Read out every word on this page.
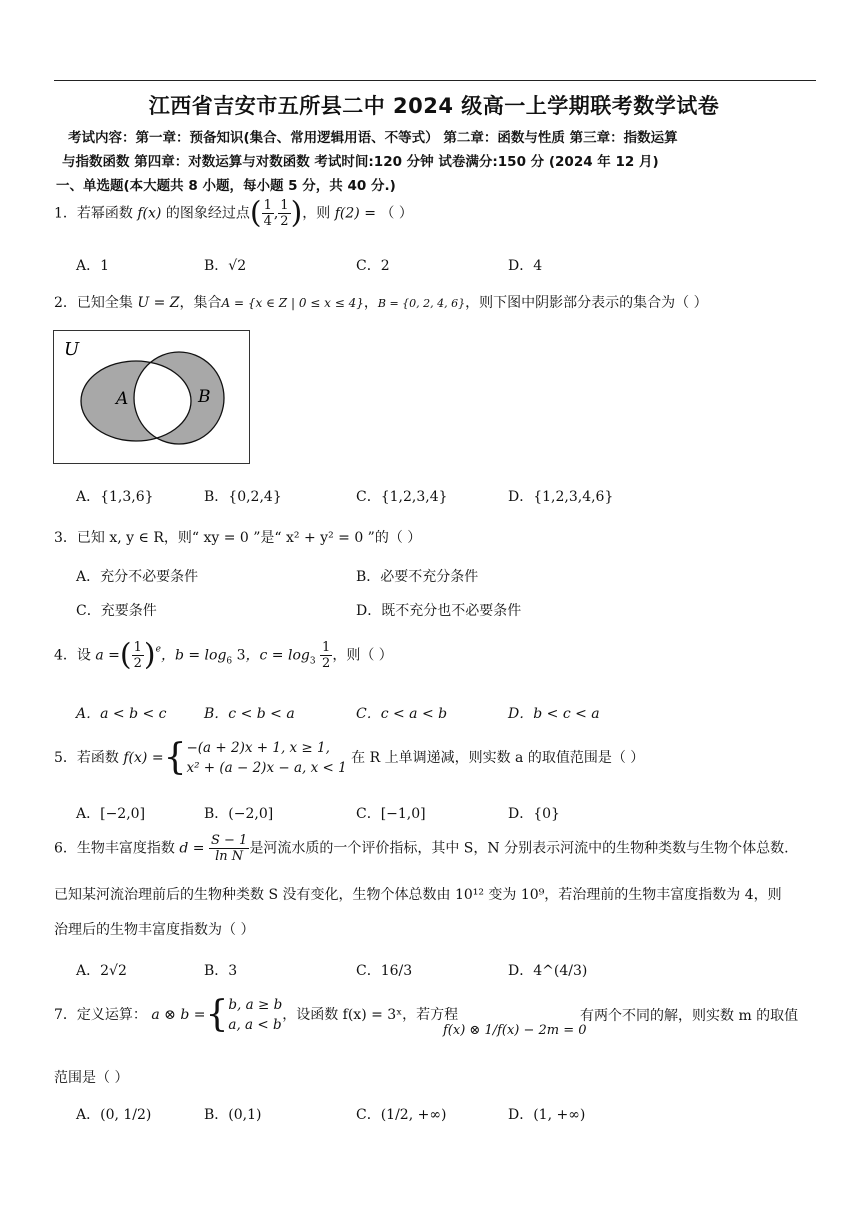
江西省吉安市五所县二中 2024 级高一上学期联考数学试卷
考试内容：第一章：预备知识(集合、常用逻辑用语、不等式） 第二章：函数与性质 第三章：指数运算
与指数函数 第四章：对数运算与对数函数 考试时间:120 分钟 试卷满分:150 分 (2024 年 12 月)
一、单选题(本大题共 8 小题，每小题 5 分，共 40 分.)
1．若幂函数 f(x) 的图象经过点( $\frac{1}{4}$ , $\frac{1}{2}$ )，则 f(2) = （ ）
A．1	B．√2	C．2	D．4
2．已知全集 U = Z，集合A = {x ∈ Z | 0 ≤ x ≤ 4}，B = {0, 2, 4, 6}，则下图中阴影部分表示的集合为（ ）
U
A	B
A．{1,3,6}	B．{0,2,4}	C．{1,2,3,4}	D．{1,2,3,4,6}
3．已知 x, y ∈ R，则“ xy = 0 ”是“ x² + y² = 0 ”的（ ）
A．充分不必要条件	B．必要不充分条件
C．充要条件	D．既不充分也不必要条件
4．设 a =( $\frac{1}{2} )^e$，$b = \log_6 3$，$c = \log_3 \frac{1}{2}$ ，则（ ）
A．a < b < c	B．c < b < a	C．c < a < b	D．b < c < a
5．若函数 f(x) ={ −(a + 2)x + 1, x ≥ 1,
x² + (a − 2)x − a, x < 1
在 R 上单调递减，则实数 a 的取值范围是（ ）
A．[−2,0]	B．(−2,0]	C．[−1,0]	D．{0}
6．生物丰富度指数 $d = \frac{S - 1}{\text{ln N}}$ 是河流水质的一个评价指标，其中 S，N 分别表示河流中的生物种类数与生物个体总数.
已知某河流治理前后的生物种类数 S 没有变化，生物个体总数由 10¹² 变为 10⁹，若治理前的生物丰富度指数为 4，则
治理后的生物丰富度指数为（ ）
A．2√2	B．3	C．16/3	D．4^(4/3)
7．定义运算： a ⊗ b ={ b, a ≥ b
a, a < b
，设函数 f(x) = 3ˣ，若方程
f(x) ⊗ 1/f(x) − 2m = 0
有两个不同的解，则实数 m 的取值
范围是（ ）
A．(0, 1/2)	B．(0,1)	C．(1/2, +∞)	D．(1, +∞)
